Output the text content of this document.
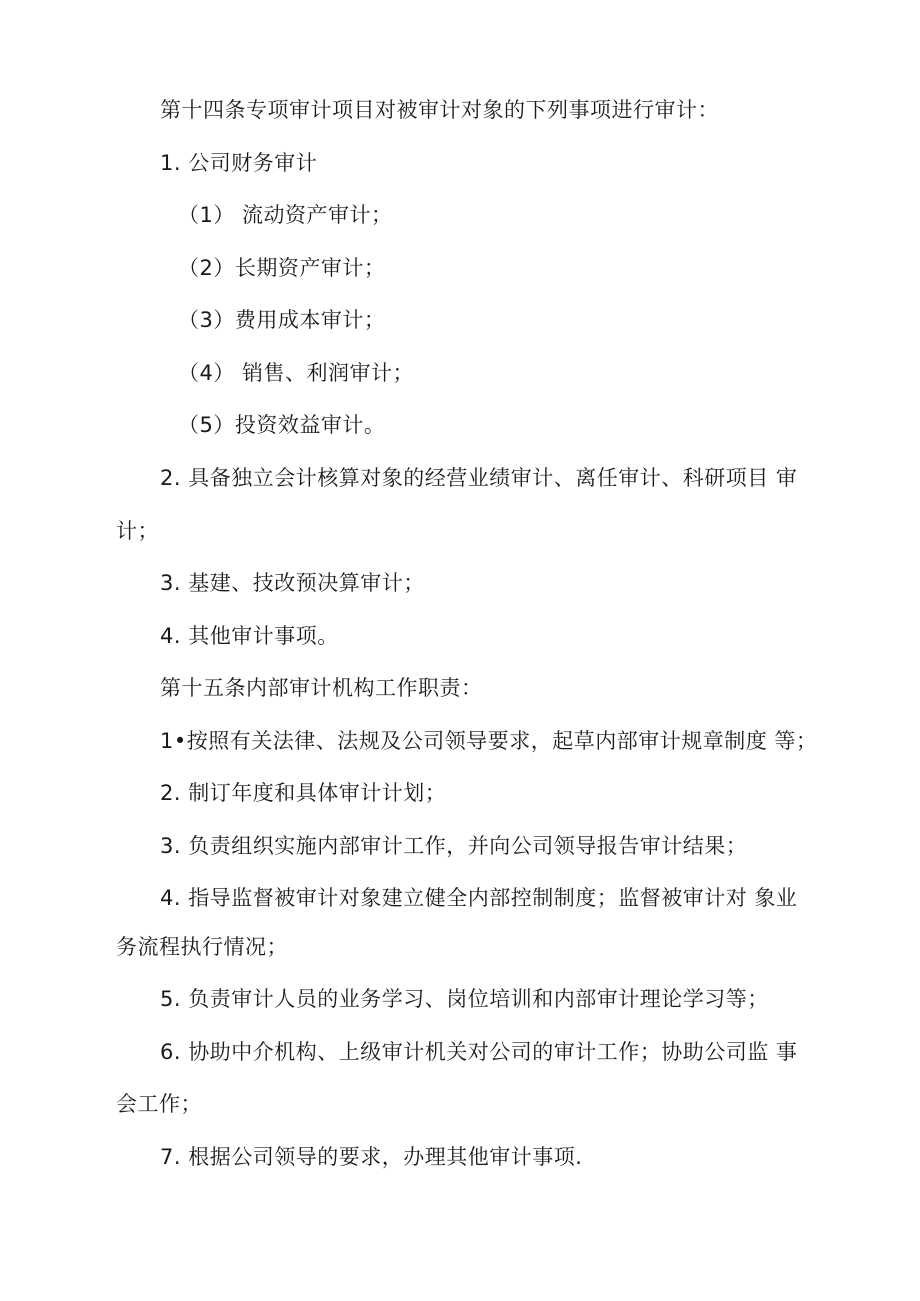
第十四条专项审计项目对被审计对象的下列事项进行审计：
1. 公司财务审计
（1） 流动资产审计；
（2）长期资产审计；
（3）费用成本审计；
（4） 销售、利润审计；
（5）投资效益审计。
2. 具备独立会计核算对象的经营业绩审计、离任审计、科研项目 审
计；
3. 基建、技改预决算审计；
4. 其他审计事项。
第十五条内部审计机构工作职责：
1•按照有关法律、法规及公司领导要求，起草内部审计规章制度 等；
2. 制订年度和具体审计计划；
3. 负责组织实施内部审计工作，并向公司领导报告审计结果；
4. 指导监督被审计对象建立健全内部控制制度；监督被审计对 象业
务流程执行情况；
5. 负责审计人员的业务学习、岗位培训和内部审计理论学习等；
6. 协助中介机构、上级审计机关对公司的审计工作；协助公司监 事
会工作；
7. 根据公司领导的要求，办理其他审计事项.
